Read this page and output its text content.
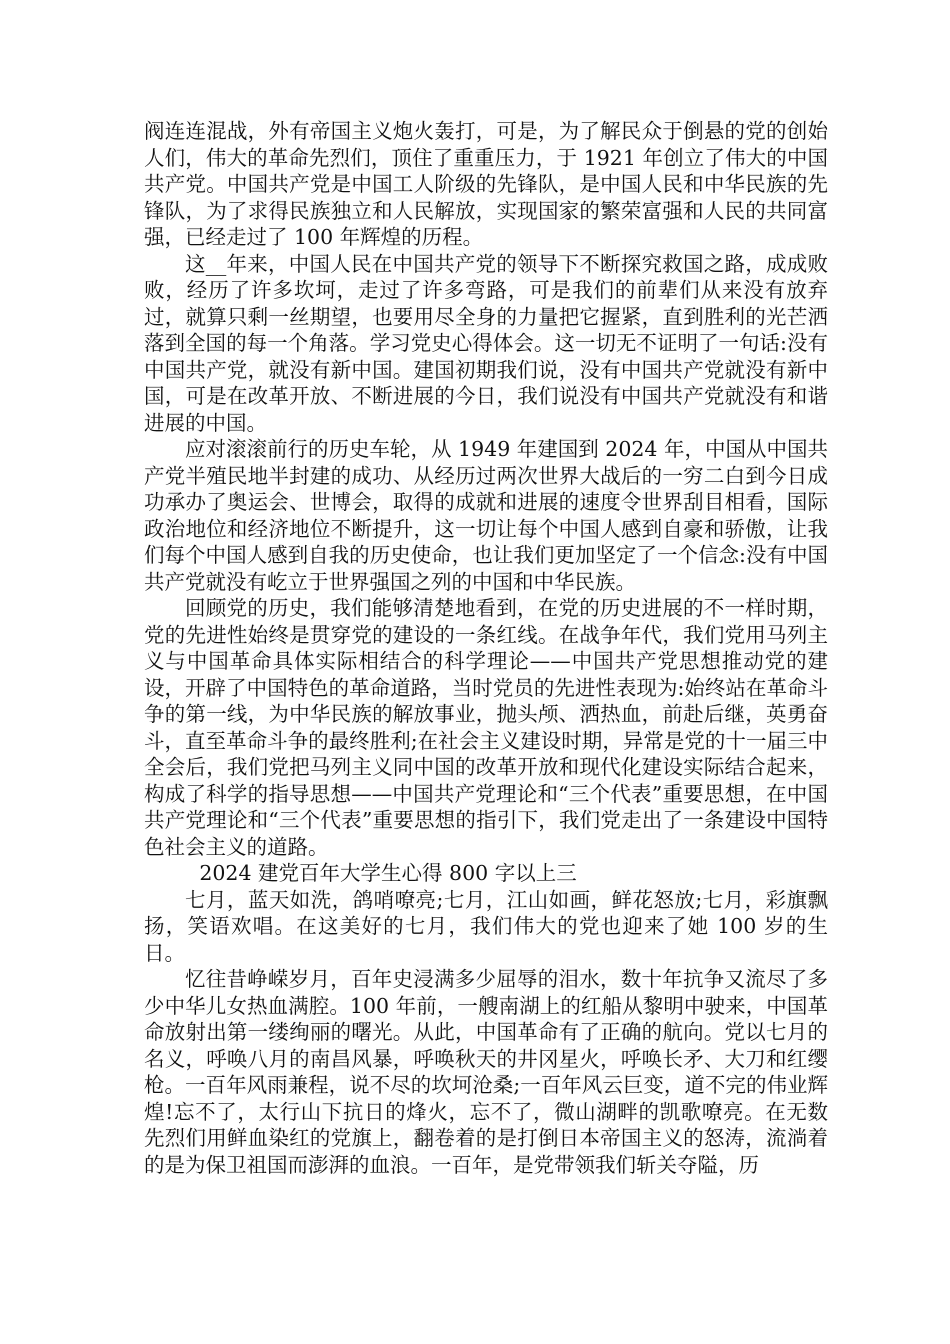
阀连连混战，外有帝国主义炮火轰打，可是，为了解民众于倒悬的党的创始人们，伟大的革命先烈们，顶住了重重压力，于 1921 年创立了伟大的中国共产党。中国共产党是中国工人阶级的先锋队，是中国人民和中华民族的先锋队，为了求得民族独立和人民解放，实现国家的繁荣富强和人民的共同富强，已经走过了 100 年辉煌的历程。

这__年来，中国人民在中国共产党的领导下不断探究救国之路，成成败败，经历了许多坎坷，走过了许多弯路，可是我们的前辈们从来没有放弃过，就算只剩一丝期望，也要用尽全身的力量把它握紧，直到胜利的光芒洒落到全国的每一个角落。学习党史心得体会。这一切无不证明了一句话:没有中国共产党，就没有新中国。建国初期我们说，没有中国共产党就没有新中国，可是在改革开放、不断进展的今日，我们说没有中国共产党就没有和谐进展的中国。

应对滚滚前行的历史车轮，从 1949 年建国到 2024 年，中国从中国共产党半殖民地半封建的成功、从经历过两次世界大战后的一穷二白到今日成功承办了奥运会、世博会，取得的成就和进展的速度令世界刮目相看，国际政治地位和经济地位不断提升，这一切让每个中国人感到自豪和骄傲，让我们每个中国人感到自我的历史使命，也让我们更加坚定了一个信念:没有中国共产党就没有屹立于世界强国之列的中国和中华民族。

回顾党的历史，我们能够清楚地看到，在党的历史进展的不一样时期，党的先进性始终是贯穿党的建设的一条红线。在战争年代，我们党用马列主义与中国革命具体实际相结合的科学理论——中国共产党思想推动党的建设，开辟了中国特色的革命道路，当时党员的先进性表现为:始终站在革命斗争的第一线，为中华民族的解放事业，抛头颅、洒热血，前赴后继，英勇奋斗，直至革命斗争的最终胜利;在社会主义建设时期，异常是党的十一届三中全会后，我们党把马列主义同中国的改革开放和现代化建设实际结合起来，构成了科学的指导思想——中国共产党理论和“三个代表”重要思想，在中国共产党理论和“三个代表”重要思想的指引下，我们党走出了一条建设中国特色社会主义的道路。

2024 建党百年大学生心得 800 字以上三

七月，蓝天如洗，鸽哨嘹亮;七月，江山如画，鲜花怒放;七月，彩旗飘扬，笑语欢唱。在这美好的七月，我们伟大的党也迎来了她 100 岁的生日。

忆往昔峥嵘岁月，百年史浸满多少屈辱的泪水，数十年抗争又流尽了多少中华儿女热血满腔。100 年前，一艘南湖上的红船从黎明中驶来，中国革命放射出第一缕绚丽的曙光。从此，中国革命有了正确的航向。党以七月的名义，呼唤八月的南昌风暴，呼唤秋天的井冈星火，呼唤长矛、大刀和红缨枪。一百年风雨兼程，说不尽的坎坷沧桑;一百年风云巨变，道不完的伟业辉煌!忘不了，太行山下抗日的烽火，忘不了，微山湖畔的凯歌嘹亮。在无数先烈们用鲜血染红的党旗上，翻卷着的是打倒日本帝国主义的怒涛，流淌着的是为保卫祖国而澎湃的血浪。一百年，是党带领我们斩关夺隘，历
